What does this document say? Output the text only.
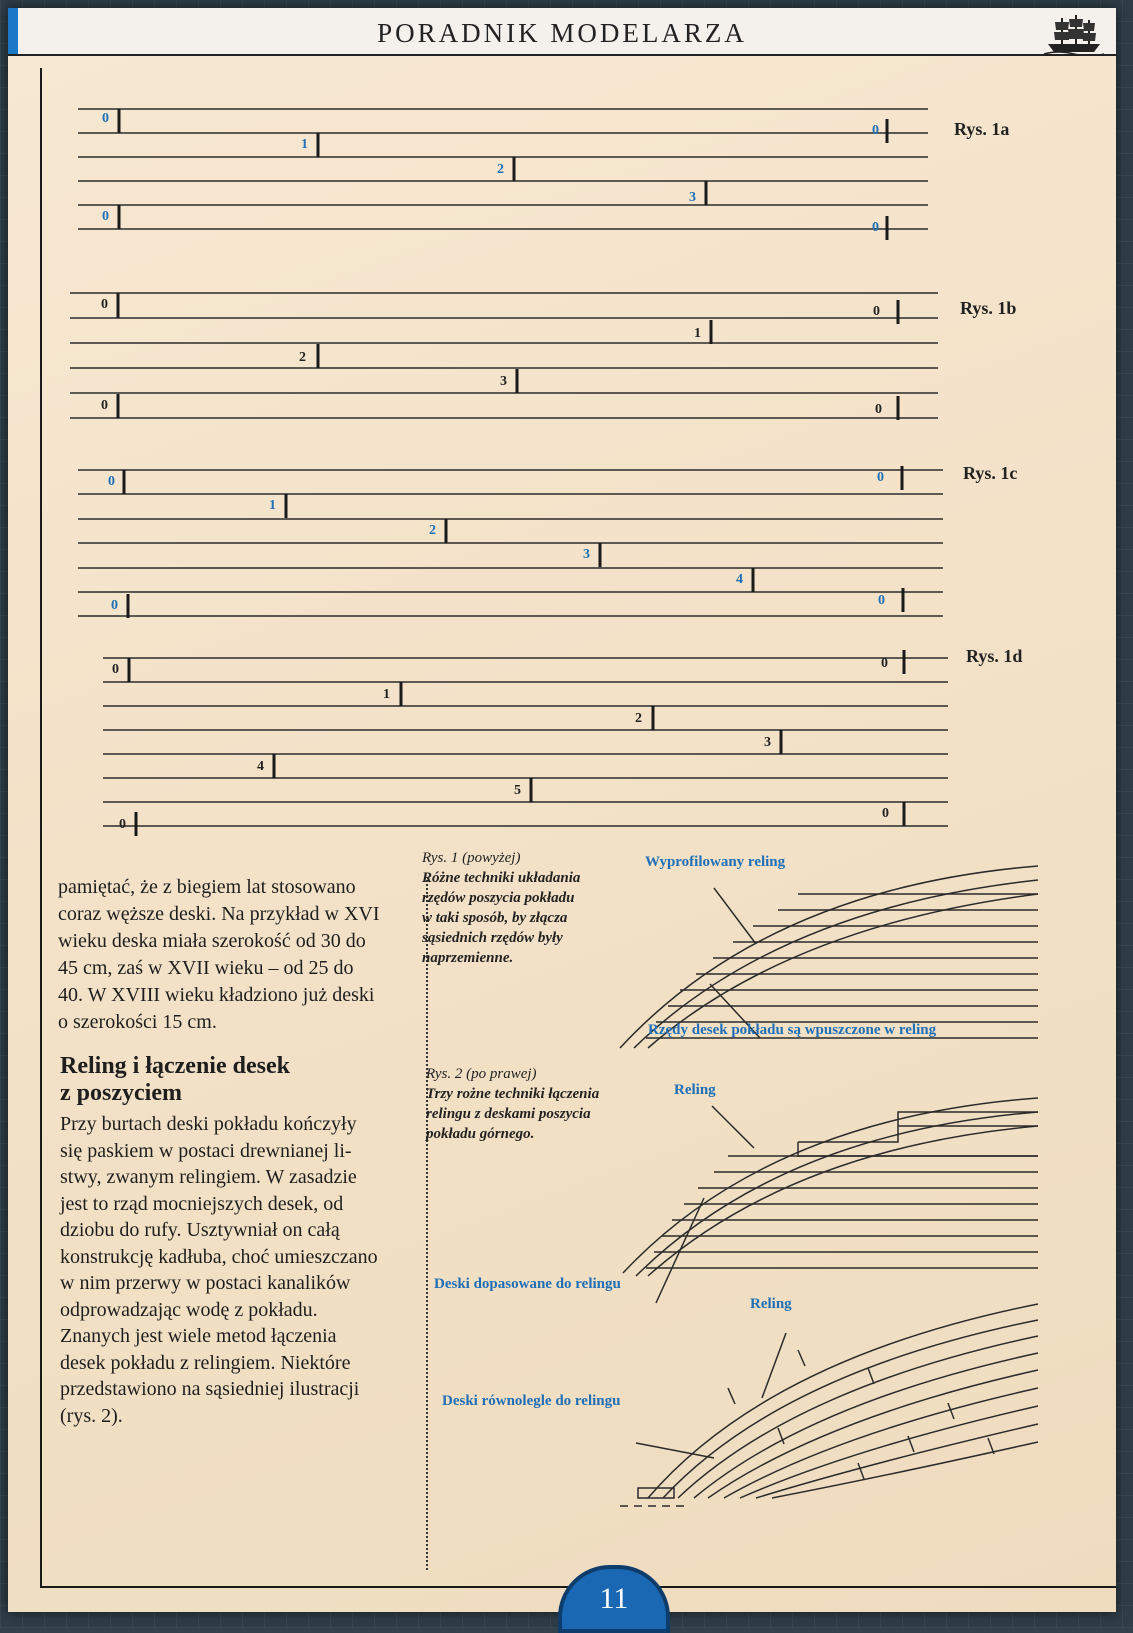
PORADNIK MODELARZA
0
1
2
3
0
0
0
Rys. 1a
0
1
2
3
0
0
0
Rys. 1b
0
1
2
3
4
0
0
0
Rys. 1c
0
1
2
3
4
5
0
0
0
Rys. 1d
pamiętać, że z biegiem lat stosowano
coraz węższe deski. Na przykład w XVI
wieku deska miała szerokość od 30 do
45 cm, zaś w XVII wieku – od 25 do
40. W XVIII wieku kładziono już deski
o szerokości 15 cm.
Reling i łączenie desek
z poszyciem
Przy burtach deski pokładu kończyły
się paskiem w postaci drewnianej li-
stwy, zwanym relingiem. W zasadzie
jest to rząd mocniejszych desek, od
dziobu do rufy. Usztywniał on całą
konstrukcję kadłuba, choć umieszczano
w nim przerwy w postaci kanalików
odprowadzając wodę z pokładu.
Znanych jest wiele metod łączenia
desek pokładu z relingiem. Niektóre
przedstawiono na sąsiedniej ilustracji
(rys. 2).
Rys. 1 (powyżej)
Różne techniki układania
rzędów poszycia pokładu
w taki sposób, by złącza
sąsiednich rzędów były
naprzemienne.
Rys. 2 (po prawej)
Trzy rożne techniki łączenia
relingu z deskami poszycia
pokładu górnego.
Wyprofilowany reling
Rzędy desek pokładu są wpuszczone w reling
Reling
Deski dopasowane do relingu
Reling
Deski równolegle do relingu
11
